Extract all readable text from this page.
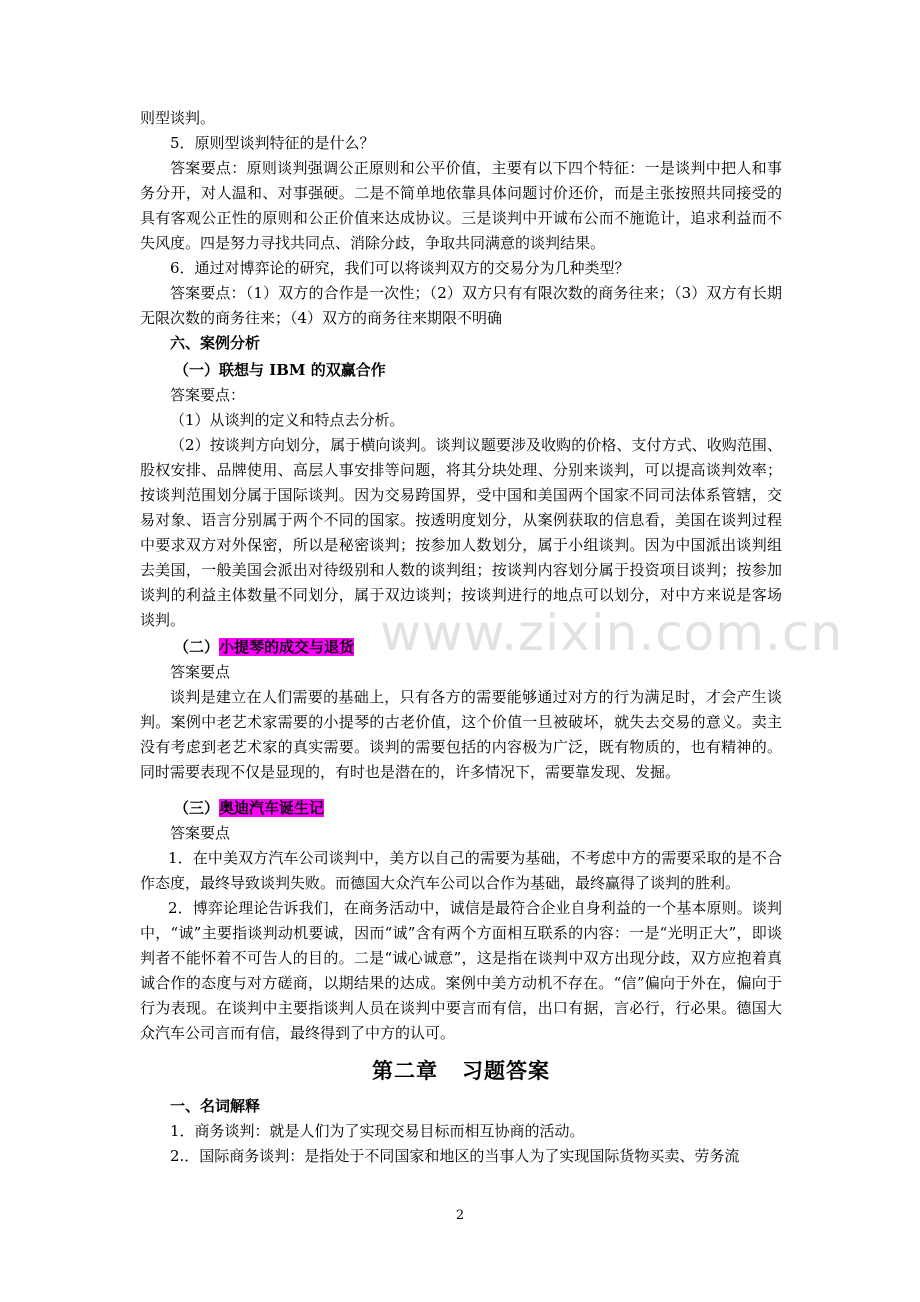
www.zixin.com.cn

则型谈判。

5．原则型谈判特征的是什么？

答案要点：原则谈判强调公正原则和公平价值，主要有以下四个特征：一是谈判中把人和事务分开，对人温和、对事强硬。二是不简单地依靠具体问题讨价还价，而是主张按照共同接受的具有客观公正性的原则和公正价值来达成协议。三是谈判中开诚布公而不施诡计，追求利益而不失风度。四是努力寻找共同点、消除分歧，争取共同满意的谈判结果。

6．通过对博弈论的研究，我们可以将谈判双方的交易分为几种类型？

答案要点：（1）双方的合作是一次性；（2）双方只有有限次数的商务往来；（3）双方有长期无限次数的商务往来；（4）双方的商务往来期限不明确

六、案例分析

（一）联想与 IBM 的双赢合作

答案要点：

（1）从谈判的定义和特点去分析。

（2）按谈判方向划分，属于横向谈判。谈判议题要涉及收购的价格、支付方式、收购范围、股权安排、品牌使用、高层人事安排等问题，将其分块处理、分别来谈判，可以提高谈判效率；按谈判范围划分属于国际谈判。因为交易跨国界，受中国和美国两个国家不同司法体系管辖，交易对象、语言分别属于两个不同的国家。按透明度划分，从案例获取的信息看，美国在谈判过程中要求双方对外保密，所以是秘密谈判；按参加人数划分，属于小组谈判。因为中国派出谈判组去美国，一般美国会派出对待级别和人数的谈判组；按谈判内容划分属于投资项目谈判；按参加谈判的利益主体数量不同划分，属于双边谈判；按谈判进行的地点可以划分，对中方来说是客场谈判。

（二）小提琴的成交与退货

答案要点

谈判是建立在人们需要的基础上，只有各方的需要能够通过对方的行为满足时，才会产生谈判。案例中老艺术家需要的小提琴的古老价值，这个价值一旦被破坏，就失去交易的意义。卖主没有考虑到老艺术家的真实需要。谈判的需要包括的内容极为广泛，既有物质的，也有精神的。同时需要表现不仅是显现的，有时也是潜在的，许多情况下，需要靠发现、发掘。

（三）奥迪汽车诞生记

答案要点

1．在中美双方汽车公司谈判中，美方以自己的需要为基础，不考虑中方的需要采取的是不合作态度，最终导致谈判失败。而德国大众汽车公司以合作为基础，最终赢得了谈判的胜利。

2．博弈论理论告诉我们，在商务活动中，诚信是最符合企业自身利益的一个基本原则。谈判中，“诚”主要指谈判动机要诚，因而“诚”含有两个方面相互联系的内容：一是“光明正大”，即谈判者不能怀着不可告人的目的。二是“诚心诚意”，这是指在谈判中双方出现分歧，双方应抱着真诚合作的态度与对方磋商，以期结果的达成。案例中美方动机不存在。“信”偏向于外在，偏向于行为表现。在谈判中主要指谈判人员在谈判中要言而有信，出口有据，言必行，行必果。德国大众汽车公司言而有信，最终得到了中方的认可。

第二章 习题答案

一、名词解释

1．商务谈判：就是人们为了实现交易目标而相互协商的活动。

2.．国际商务谈判：是指处于不同国家和地区的当事人为了实现国际货物买卖、劳务流

2
